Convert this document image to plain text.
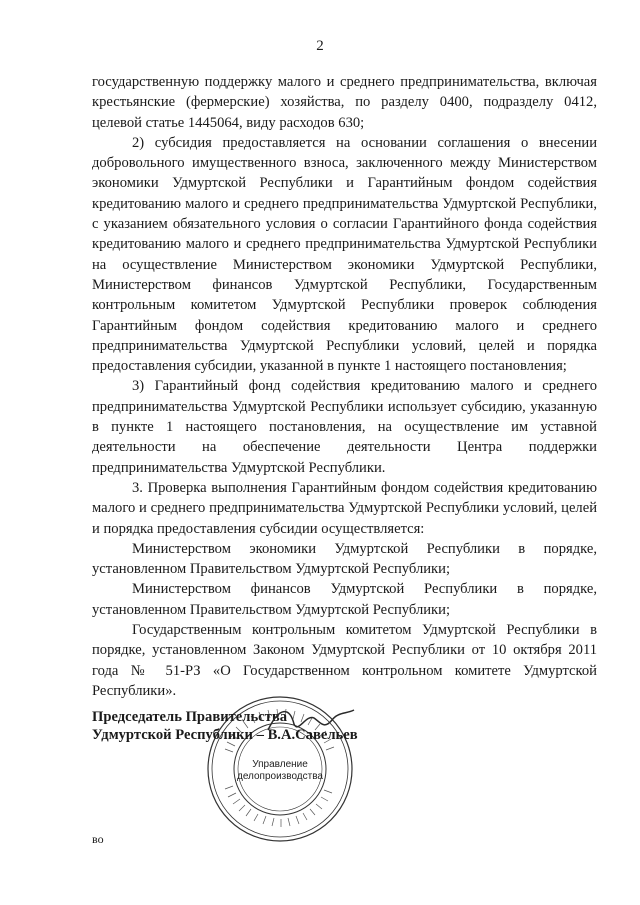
2

государственную поддержку малого и среднего предпринимательства, включая крестьянские (фермерские) хозяйства, по разделу 0400, подразделу 0412, целевой статье 1445064, виду расходов 630;

2) субсидия предоставляется на основании соглашения о внесении добровольного имущественного взноса, заключенного между Министерством экономики Удмуртской Республики и Гарантийным фондом содействия кредитованию малого и среднего предпринимательства Удмуртской Республики, с указанием обязательного условия о согласии Гарантийного фонда содействия кредитованию малого и среднего предпринимательства Удмуртской Республики на осуществление Министерством экономики Удмуртской Республики, Министерством финансов Удмуртской Республики, Государственным контрольным комитетом Удмуртской Республики проверок соблюдения Гарантийным фондом содействия кредитованию малого и среднего предпринимательства Удмуртской Республики условий, целей и порядка предоставления субсидии, указанной в пункте 1 настоящего постановления;

3) Гарантийный фонд содействия кредитованию малого и среднего предпринимательства Удмуртской Республики использует субсидию, указанную в пункте 1 настоящего постановления, на осуществление им уставной деятельности на обеспечение деятельности Центра поддержки предпринимательства Удмуртской Республики.

3. Проверка выполнения Гарантийным фондом содействия кредитованию малого и среднего предпринимательства Удмуртской Республики условий, целей и порядка предоставления субсидии осуществляется:

Министерством экономики Удмуртской Республики в порядке, установленном Правительством Удмуртской Республики;

Министерством финансов Удмуртской Республики в порядке, установленном Правительством Удмуртской Республики;

Государственным контрольным комитетом Удмуртской Республики в порядке, установленном Законом Удмуртской Республики от 10 октября 2011 года № 51-РЗ «О Государственном контрольном комитете Удмуртской Республики».

Управление
делопроизводства
Председатель Правительства
Удмуртской Республики – В.А.Савельев
во
